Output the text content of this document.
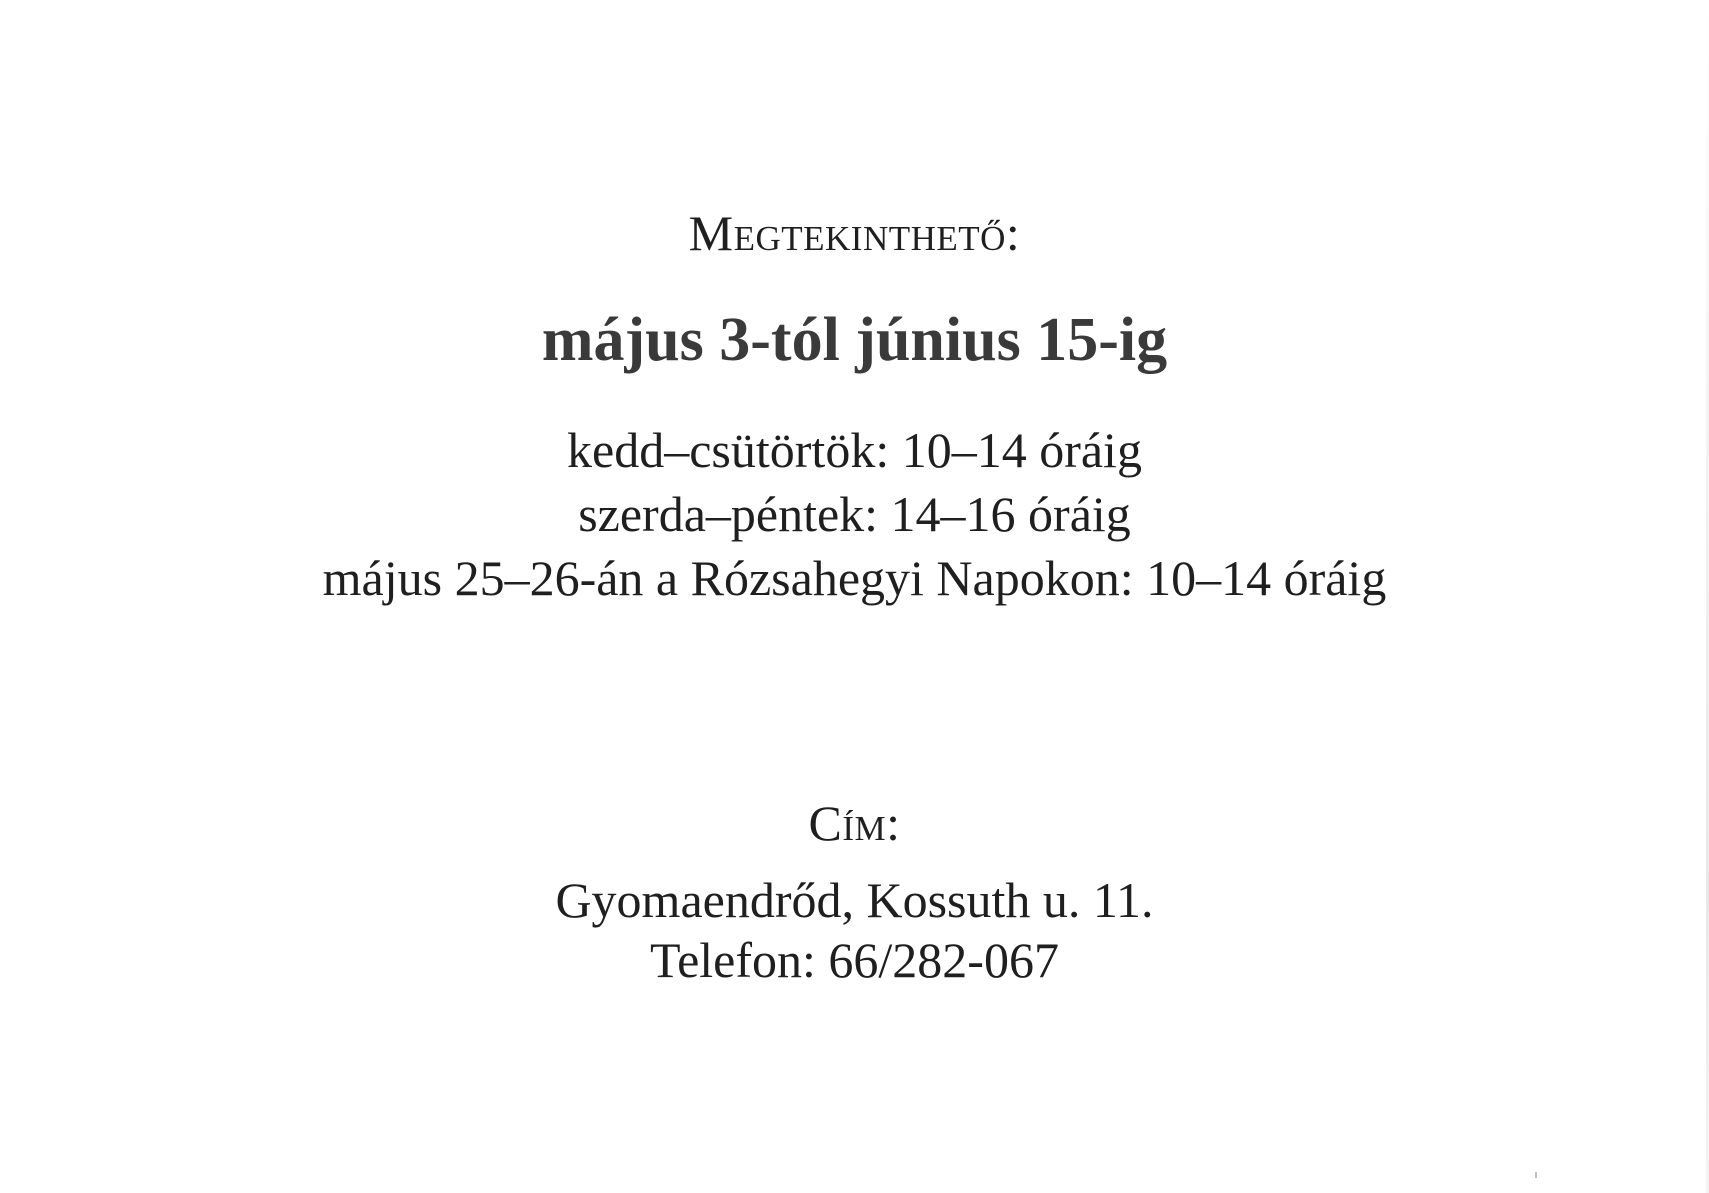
Megtekinthető:
május 3-tól június 15-ig
kedd–csütörtök: 10–14 óráig
szerda–péntek: 14–16 óráig
május 25–26-án a Rózsahegyi Napokon: 10–14 óráig
Cím:
Gyomaendrőd, Kossuth u. 11.
Telefon: 66/282-067
